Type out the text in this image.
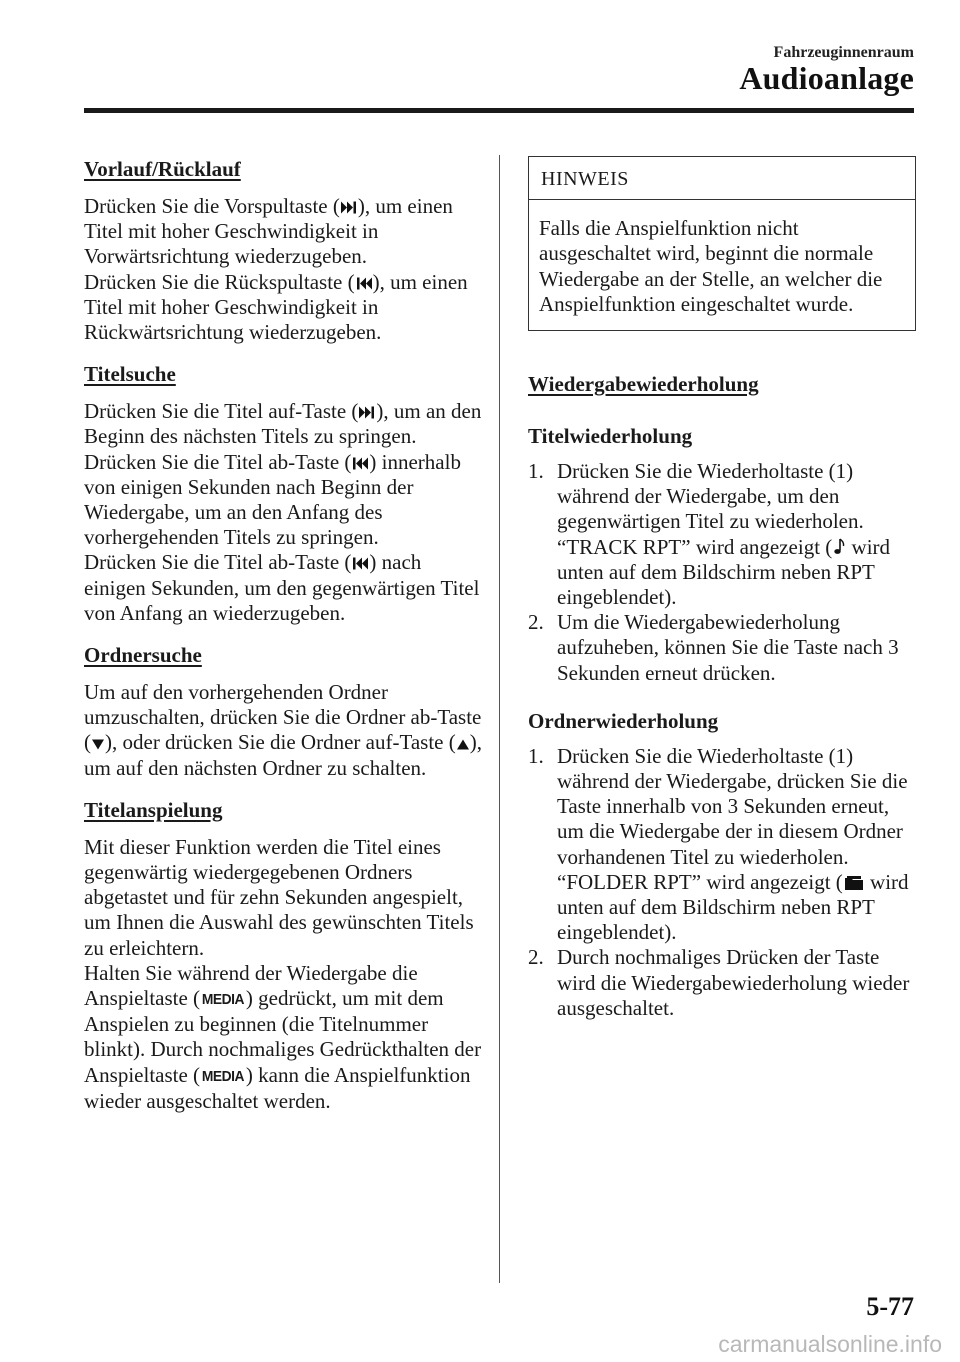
Fahrzeuginnenraum
Audioanlage
Vorlauf/Rücklauf

Drücken Sie die Vorspultaste ( ), um einen Titel mit hoher Geschwindigkeit in Vorwärtsrichtung wiederzugeben.
Drücken Sie die Rückspultaste ( ), um einen Titel mit hoher Geschwindigkeit in Rückwärtsrichtung wiederzugeben.

Titelsuche

Drücken Sie die Titel auf-Taste ( ), um an den Beginn des nächsten Titels zu springen.
Drücken Sie die Titel ab-Taste ( ) innerhalb von einigen Sekunden nach Beginn der Wiedergabe, um an den Anfang des vorhergehenden Titels zu springen.
Drücken Sie die Titel ab-Taste ( ) nach einigen Sekunden, um den gegenwärtigen Titel von Anfang an wiederzugeben.

Ordnersuche

Um auf den vorhergehenden Ordner umzuschalten, drücken Sie die Ordner ab-Taste ( ), oder drücken Sie die Ordner auf-Taste ( ), um auf den nächsten Ordner zu schalten.

Titelanspielung

Mit dieser Funktion werden die Titel eines gegenwärtig wiedergegebenen Ordners abgetastet und für zehn Sekunden angespielt, um Ihnen die Auswahl des gewünschten Titels zu erleichtern.
Halten Sie während der Wiedergabe die Anspieltaste ( MEDIA) gedrückt, um mit dem Anspielen zu beginnen (die Titelnummer blinkt). Durch nochmaliges Gedrückthalten der Anspieltaste ( MEDIA) kann die Anspielfunktion wieder ausgeschaltet werden.

HINWEIS
Falls die Anspielfunktion nicht ausgeschaltet wird, beginnt die normale Wiedergabe an der Stelle, an welcher die Anspielfunktion eingeschaltet wurde.
Wiedergabewiederholung
Titelwiederholung
1. Drücken Sie die Wiederholtaste (1) während der Wiedergabe, um den gegenwärtigen Titel zu wiederholen. “TRACK RPT” wird angezeigt ( wird unten auf dem Bildschirm neben RPT eingeblendet).
2. Um die Wiedergabewiederholung aufzuheben, können Sie die Taste nach 3 Sekunden erneut drücken.
Ordnerwiederholung
1. Drücken Sie die Wiederholtaste (1) während der Wiedergabe, drücken Sie die Taste innerhalb von 3 Sekunden erneut, um die Wiedergabe der in diesem Ordner vorhandenen Titel zu wiederholen. “FOLDER RPT” wird angezeigt ( wird unten auf dem Bildschirm neben RPT eingeblendet).
2. Durch nochmaliges Drücken der Taste wird die Wiedergabewiederholung wieder ausgeschaltet.
5-77
carmanualsonline.info
